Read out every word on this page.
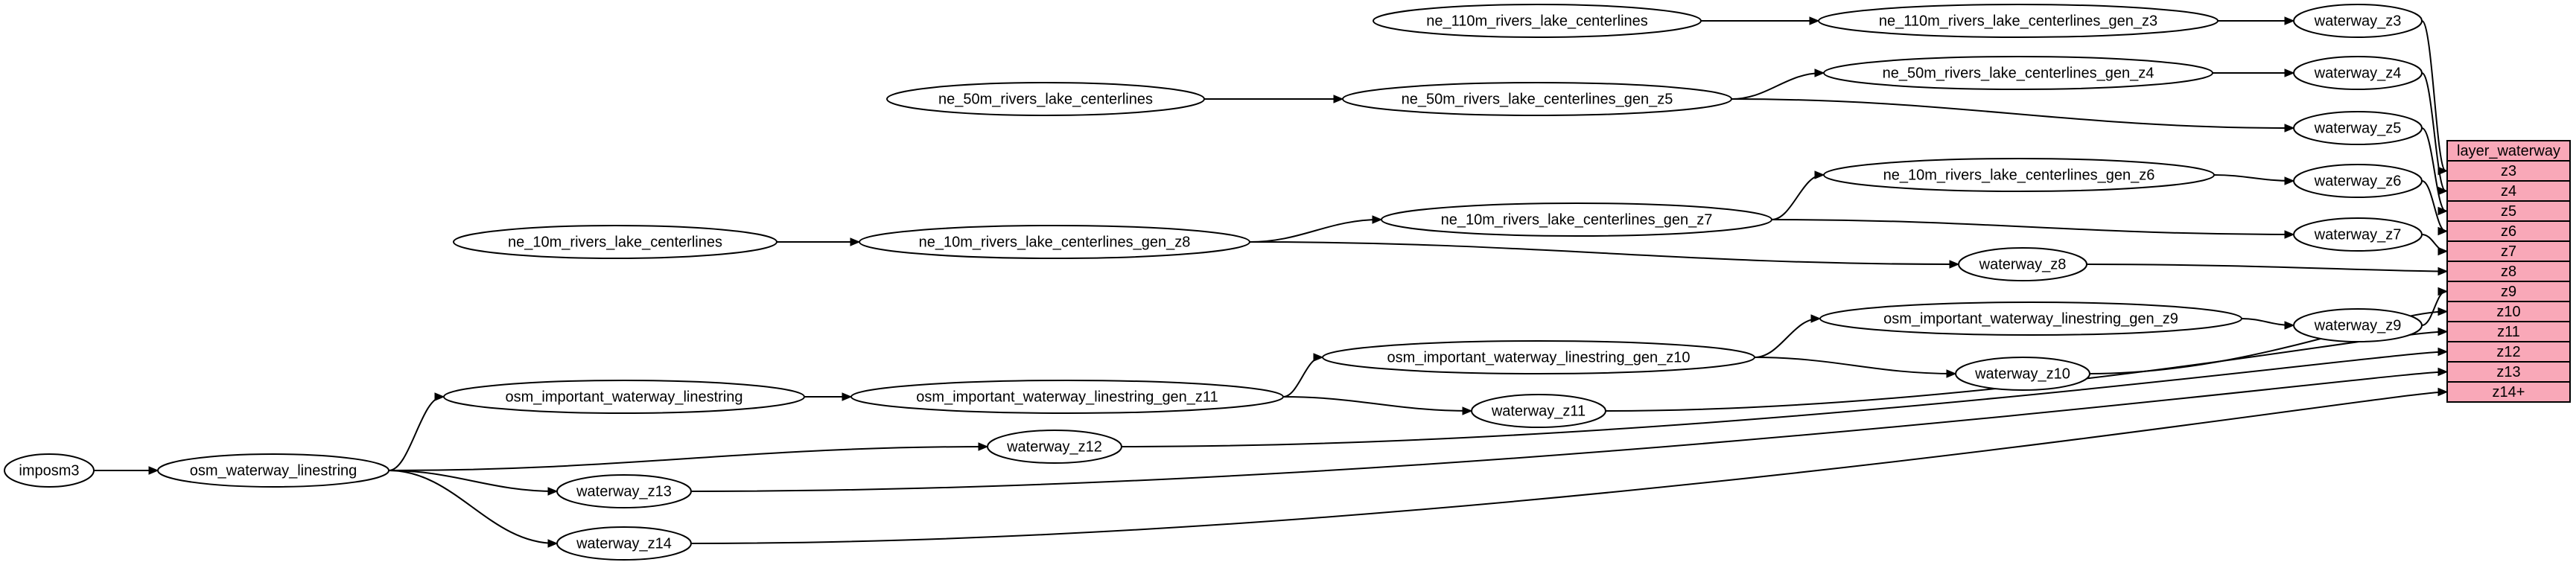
imposm3	osm_waterway_linestring
osm_important_waterway_linestring	osm_important_waterway_linestring_gen_z11
osm_important_waterway_linestring_gen_z10
osm_important_waterway_linestring_gen_z9
ne_10m_rivers_lake_centerlines	ne_10m_rivers_lake_centerlines_gen_z8
ne_10m_rivers_lake_centerlines_gen_z7
ne_10m_rivers_lake_centerlines_gen_z6
ne_50m_rivers_lake_centerlines	ne_50m_rivers_lake_centerlines_gen_z5
ne_50m_rivers_lake_centerlines_gen_z4
ne_110m_rivers_lake_centerlines	ne_110m_rivers_lake_centerlines_gen_z3	waterway_z3
waterway_z4
waterway_z5
waterway_z6
waterway_z7
waterway_z8
waterway_z9
waterway_z10
waterway_z11
waterway_z12
waterway_z13
waterway_z14
layer_waterway
z3
z4
z5
z6
z7
z8
z9
z10
z11
z12
z13
z14+
